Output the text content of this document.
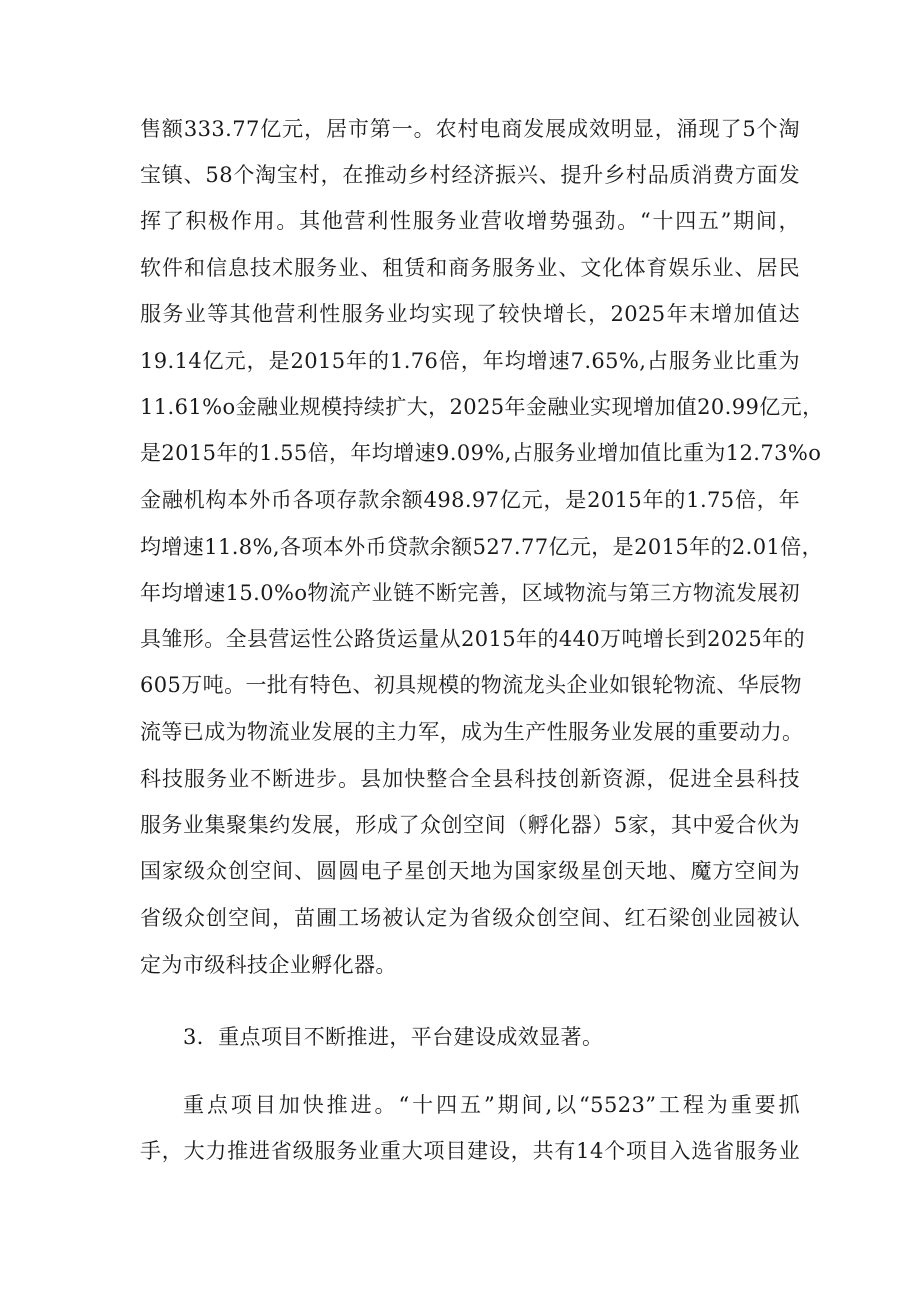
售额333.77亿元，居市第一。农村电商发展成效明显，涌现了5个淘
宝镇、58个淘宝村，在推动乡村经济振兴、提升乡村品质消费方面发
挥了积极作用。其他营利性服务业营收增势强劲。“十四五”期间，
软件和信息技术服务业、租赁和商务服务业、文化体育娱乐业、居民
服务业等其他营利性服务业均实现了较快增长，2025年末增加值达
19.14亿元，是2015年的1.76倍，年均增速7.65%,占服务业比重为
11.61%o金融业规模持续扩大，2025年金融业实现增加值20.99亿元，
是2015年的1.55倍，年均增速9.09%,占服务业增加值比重为12.73%o
金融机构本外币各项存款余额498.97亿元，是2015年的1.75倍，年
均增速11.8%,各项本外币贷款余额527.77亿元，是2015年的2.01倍，
年均增速15.0%o物流产业链不断完善，区域物流与第三方物流发展初
具雏形。全县营运性公路货运量从2015年的440万吨增长到2025年的
605万吨。一批有特色、初具规模的物流龙头企业如银轮物流、华辰物
流等已成为物流业发展的主力军，成为生产性服务业发展的重要动力。
科技服务业不断进步。县加快整合全县科技创新资源，促进全县科技
服务业集聚集约发展，形成了众创空间（孵化器）5家，其中爱合伙为
国家级众创空间、圆圆电子星创天地为国家级星创天地、魔方空间为
省级众创空间，苗圃工场被认定为省级众创空间、红石梁创业园被认
定为市级科技企业孵化器。
3．重点项目不断推进，平台建设成效显著。
重点项目加快推进。“十四五”期间,以“5523”工程为重要抓
手，大力推进省级服务业重大项目建设，共有14个项目入选省服务业
